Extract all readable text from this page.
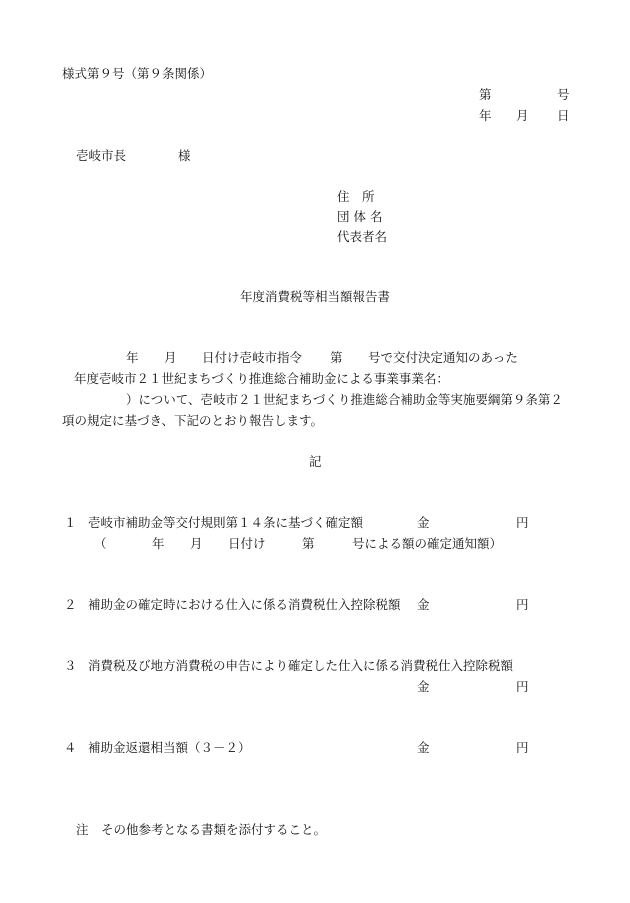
様式第９号（第９条関係）

第	号

年 月 日

壱岐市長	様

住　所

団 体 名

代表者名

年度消費税等相当額報告書

年 月 日付け壱岐市指令 第 号で交付決定通知のあった

年度壱岐市２１世紀まちづくり推進総合補助金による事業事業名：

）について、壱岐市２１世紀まちづくり推進総合補助金等実施要綱第９条第２

項の規定に基づき、下記のとおり報告します。

記

１ 壱岐市補助金等交付規則第１４条に基づく確定額	金	円

（	年 月 日付け	第	号による額の確定通知額）

２ 補助金の確定時における仕入に係る消費税仕入控除税額 金	円

３ 消費税及び地方消費税の申告により確定した仕入に係る消費税仕入控除税額

金	円

４ 補助金返還相当額（３－２）	金	円

注　その他参考となる書類を添付すること。
